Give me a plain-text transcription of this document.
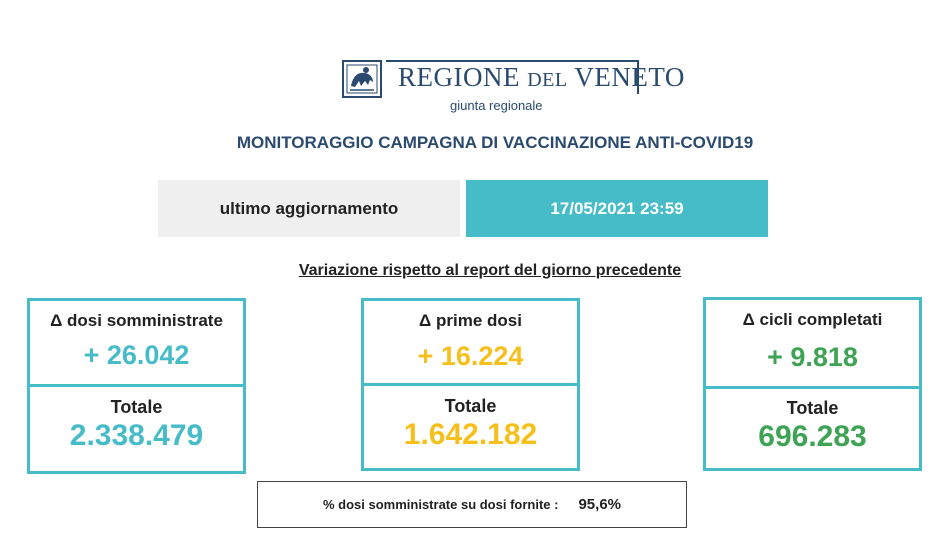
REGIONE DEL VENETO
giunta regionale
MONITORAGGIO CAMPAGNA DI VACCINAZIONE ANTI-COVID19
ultimo aggiornamento	17/05/2021 23:59
Variazione rispetto al report del giorno precedente
Δ dosi somministrate
+ 26.042
Totale
2.338.479
Δ prime dosi
+ 16.224
Totale
1.642.182
Δ cicli completati
+ 9.818
Totale
696.283
% dosi somministrate su dosi fornite : 95,6%
